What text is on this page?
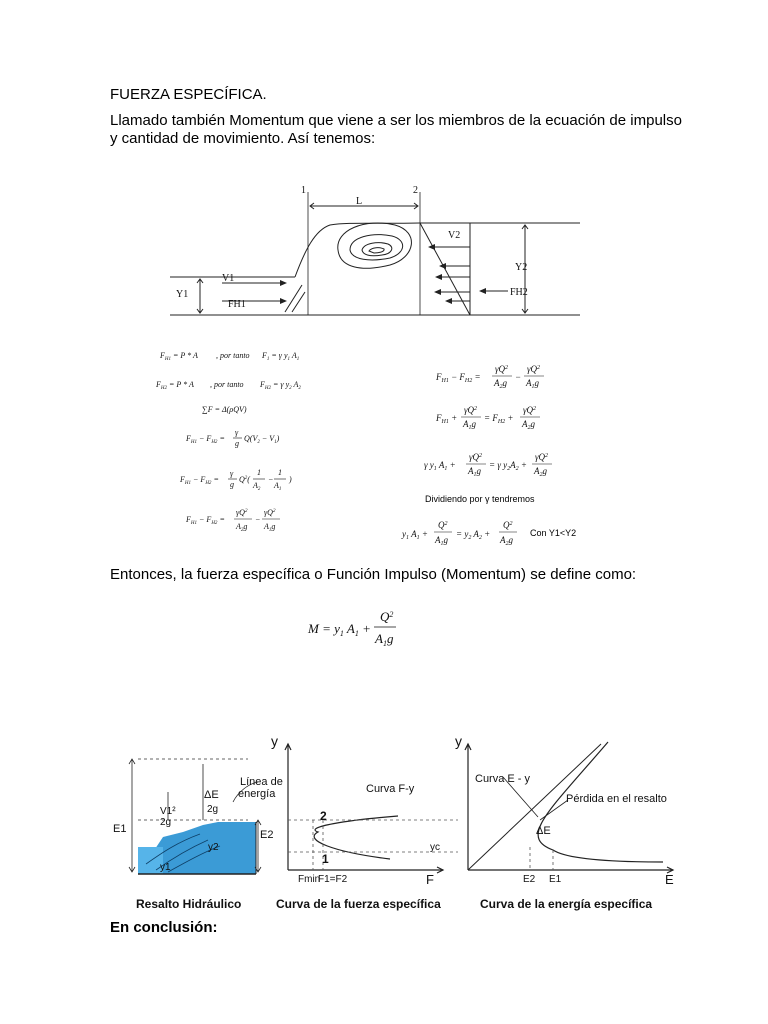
FUERZA ESPECÍFICA.
Llamado también Momentum que viene a ser los miembros de la ecuación de impulso
y cantidad de movimiento. Así tenemos:
1	2
L
V1
V2
Y1
Y2
FH1
FH2
$F_{H1} = P * A$ , por tanto $F_1 = \gamma$ $y_1$ $A_1$
$F_{H2} = P * A$ , por tanto $F_{H2} = \gamma$ $y_2$ $A_2$
∑F = Δ(ρQV)
$F_{H1} - F_{H2}$ =
γ
g
$Q(V_2 - V_1)$
$F_{H1} - F_{H2}$ =
γ
g
$Q^2$(
1
$A_2$
−
1
$A_1$
)
$F_{H1} - F_{H2}$ =
$\gamma Q^2$
$A_2g$
−
$\gamma Q^2$
$A_1g$
$F_{H1} - F_{H2}$ =
$\gamma Q^2$
$A_2g$
−
$\gamma Q^2$
$A_1g$
$F_{H1}$ +
$\gamma Q^2$
$A_1g$
= $F_{H2}$ +
$\gamma Q^2$
$A_2g$
γ $y_1$ $A_1$ +
$\gamma Q^2$
$A_1g$
= γ $y_2A_2$ +
$\gamma Q^2$
$A_2g$
$y_1$ $A_1$ +
$Q^2$
$A_1g$
= $y_2$ $A_2$ +
$Q^2$
$A_2g$
Dividiendo por γ tendremos
Con Y1<Y2
Entonces, la fuerza específica o Función Impulso (Momentum) se define como:
$M = y_1$ $A_1$ +
$Q^2$
$A_1g$
Línea de
energía
ΔE
E1	E2
V1²
2g
2g
y2
y1
y
Curva F-y
2
1
yc
Fmin
F1=F2	F
y
Curva E - y
Pérdida en el resalto
ΔE
E2 E1	E
Resalto Hidráulico	Curva de la fuerza específica	Curva de la energía específica
En conclusión:
